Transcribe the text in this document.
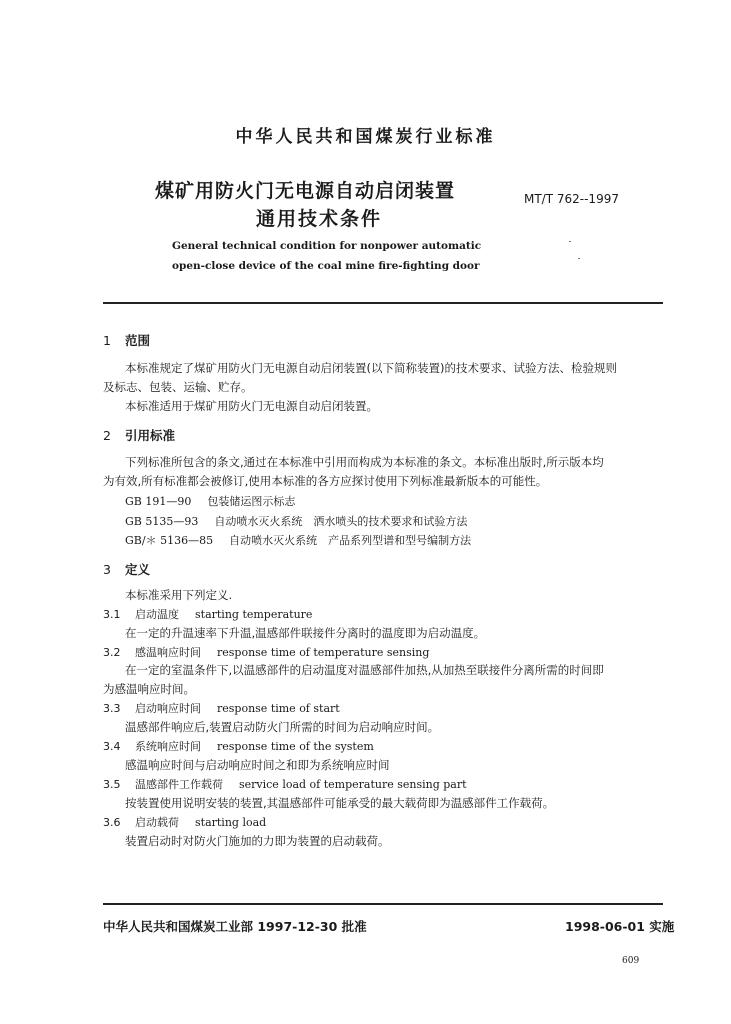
中华人民共和国煤炭行业标准
煤矿用防火门无电源自动启闭装置
通用技术条件
MT/T 762--1997
General technical condition for nonpower automatic
open-close device of the coal mine fire-fighting door
1 范围
本标准规定了煤矿用防火门无电源自动启闭装置(以下简称装置)的技术要求、试验方法、检验规则
及标志、包装、运输、贮存。
本标准适用于煤矿用防火门无电源自动启闭装置。
2 引用标准
下列标准所包含的条文,通过在本标准中引用而构成为本标准的条文。本标准出版时,所示版本均
为有效,所有标准都会被修订,使用本标准的各方应探讨使用下列标准最新版本的可能性。
GB 191—90 包装储运图示标志
GB 5135—93 自动喷水灭火系统　洒水喷头的技术要求和试验方法
GB/＊ 5136—85 自动喷水灭火系统　产品系列型谱和型号编制方法
3 定义
本标准采用下列定义.
3.1 启动温度 starting temperature
在一定的升温速率下升温,温感部件联接件分离时的温度即为启动温度。
3.2 感温响应时间 response time of temperature sensing
在一定的室温条件下,以温感部件的启动温度对温感部件加热,从加热至联接件分离所需的时间即
为感温响应时间。
3.3 启动响应时间 response time of start
温感部件响应后,装置启动防火门所需的时间为启动响应时间。
3.4 系统响应时间 response time of the system
感温响应时间与启动响应时间之和即为系统响应时间
3.5 温感部件工作载荷 service load of temperature sensing part
按装置使用说明安装的装置,其温感部件可能承受的最大载荷即为温感部件工作载荷。
3.6 启动载荷 starting load
装置启动时对防火门施加的力即为装置的启动载荷。
中华人民共和国煤炭工业部 1997-12-30 批准	1998-06-01 实施
609
